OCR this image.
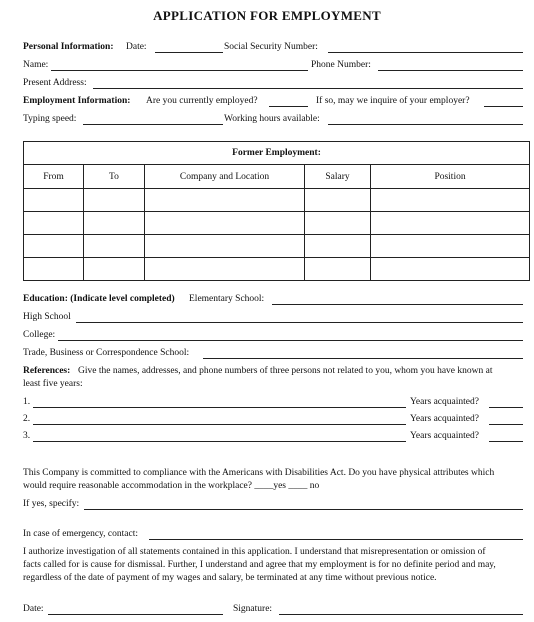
APPLICATION FOR EMPLOYMENT
Personal Information: Date:	Social Security Number:
Name:	Phone Number:
Present Address:
Employment Information: Are you currently employed?	If so, may we inquire of your employer?
Typing speed:	Working hours available:
Former Employment:				
From	To	Company and Location	Salary	Position

Education: (Indicate level completed) Elementary School:
High School
College:
Trade, Business or Correspondence School:
References: Give the names, addresses, and phone numbers of three persons not related to you, whom you have known at
least five years:
1.	Years acquainted?
2.	Years acquainted?
3.	Years acquainted?
This Company is committed to compliance with the Americans with Disabilities Act. Do you have physical attributes which
would require reasonable accommodation in the workplace? ____yes ____ no
If yes, specify:
In case of emergency, contact:
I authorize investigation of all statements contained in this application. I understand that misrepresentation or omission of
facts called for is cause for dismissal. Further, I understand and agree that my employment is for no definite period and may,
regardless of the date of payment of my wages and salary, be terminated at any time without previous notice.
Date:	Signature:
